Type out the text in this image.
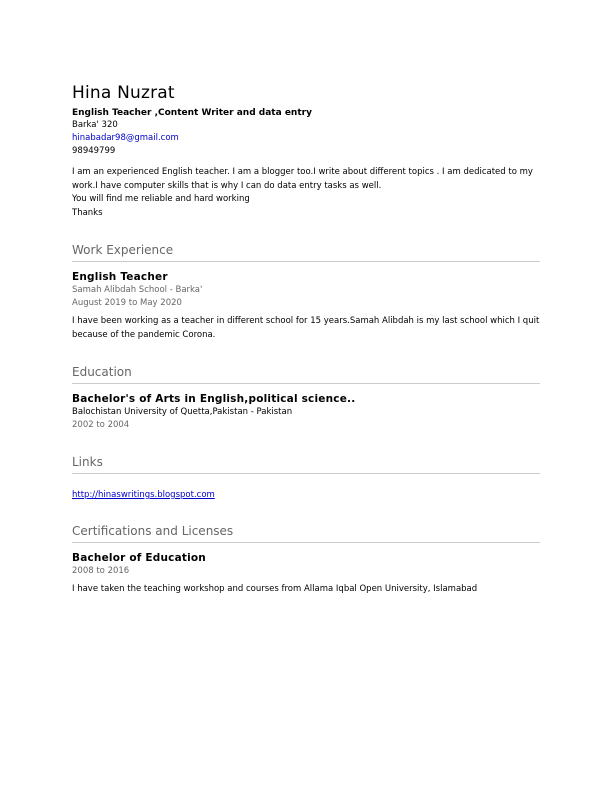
Hina Nuzrat
English Teacher ,Content Writer and data entry
Barka' 320
hinabadar98@gmail.com
98949799
I am an experienced English teacher. I am a blogger too.I write about different topics . I am dedicated to my work.I have computer skills that is why I can do data entry tasks as well.
You will find me reliable and hard working
Thanks
Work Experience
English Teacher
Samah Alibdah School - Barka'
August 2019 to May 2020
I have been working as a teacher in different school for 15 years.Samah Alibdah is my last school which I quit because of the pandemic Corona.
Education
Bachelor's of Arts in English,political science..
Balochistan University of Quetta,Pakistan - Pakistan
2002 to 2004
Links
http://hinaswritings.blogspot.com
Certifications and Licenses
Bachelor of Education
2008 to 2016
I have taken the teaching workshop and courses from Allama Iqbal Open University, Islamabad
